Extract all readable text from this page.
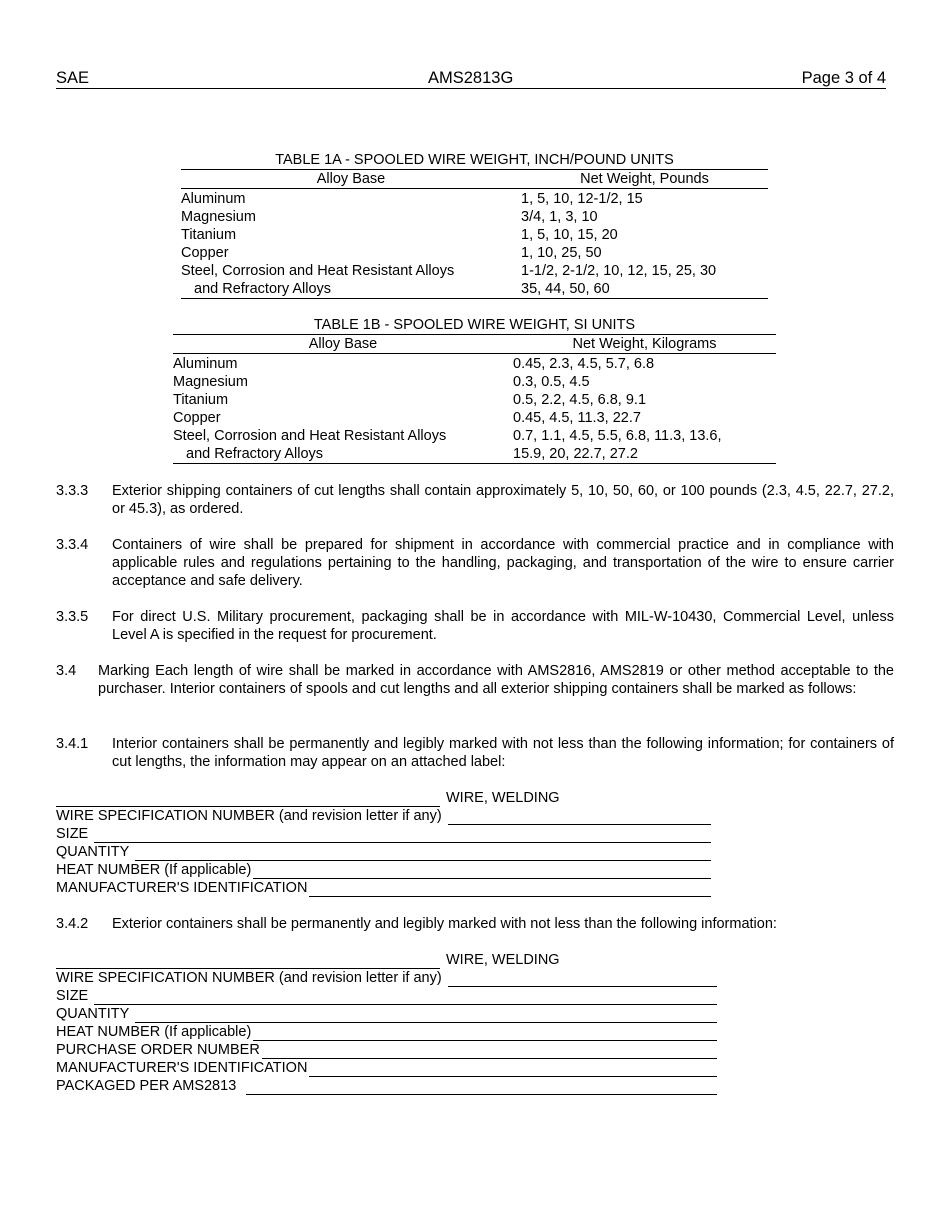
SAE	AMS2813G	Page 3 of 4
TABLE 1A - SPOOLED WIRE WEIGHT, INCH/POUND UNITS
Alloy Base	Net Weight, Pounds
Aluminum	1, 5, 10, 12-1/2, 15
Magnesium	3/4, 1, 3, 10
Titanium	1, 5, 10, 15, 20
Copper	1, 10, 25, 50
Steel, Corrosion and Heat Resistant Alloys	1-1/2, 2-1/2, 10, 12, 15, 25, 30
and Refractory Alloys	35, 44, 50, 60
TABLE 1B - SPOOLED WIRE WEIGHT, SI UNITS
Alloy Base	Net Weight, Kilograms
Aluminum	0.45, 2.3, 4.5, 5.7, 6.8
Magnesium	0.3, 0.5, 4.5
Titanium	0.5, 2.2, 4.5, 6.8, 9.1
Copper	0.45, 4.5, 11.3, 22.7
Steel, Corrosion and Heat Resistant Alloys	0.7, 1.1, 4.5, 5.5, 6.8, 11.3, 13.6,
and Refractory Alloys	15.9, 20, 22.7, 27.2
3.3.3 Exterior shipping containers of cut lengths shall contain approximately 5, 10, 50, 60, or 100 pounds (2.3, 4.5, 22.7, 27.2, or 45.3), as ordered.
3.3.4 Containers of wire shall be prepared for shipment in accordance with commercial practice and in compliance with applicable rules and regulations pertaining to the handling, packaging, and transportation of the wire to ensure carrier acceptance and safe delivery.
3.3.5 For direct U.S. Military procurement, packaging shall be in accordance with MIL-W-10430, Commercial Level, unless Level A is specified in the request for procurement.
3.4 Marking Each length of wire shall be marked in accordance with AMS2816, AMS2819 or other method acceptable to the purchaser. Interior containers of spools and cut lengths and all exterior shipping containers shall be marked as follows:
3.4.1 Interior containers shall be permanently and legibly marked with not less than the following information; for containers of cut lengths, the information may appear on an attached label:
WIRE, WELDING
WIRE SPECIFICATION NUMBER (and revision letter if any)
SIZE
QUANTITY
HEAT NUMBER (If applicable)
MANUFACTURER'S IDENTIFICATION
3.4.2 Exterior containers shall be permanently and legibly marked with not less than the following information:
WIRE, WELDING
WIRE SPECIFICATION NUMBER (and revision letter if any)
SIZE
QUANTITY
HEAT NUMBER (If applicable)
PURCHASE ORDER NUMBER
MANUFACTURER'S IDENTIFICATION
PACKAGED PER AMS2813
